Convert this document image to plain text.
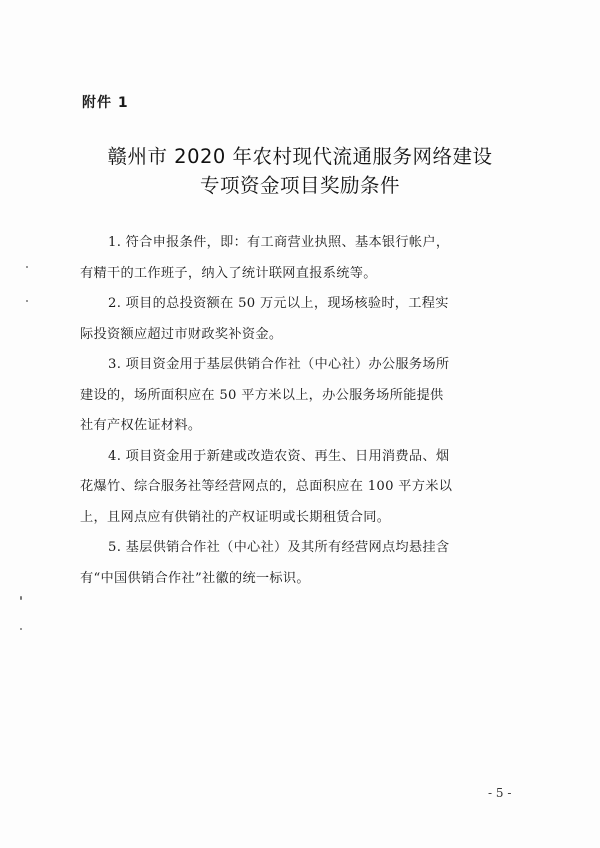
附件 1
赣州市 2020 年农村现代流通服务网络建设
专项资金项目奖励条件

1. 符合申报条件，即：有工商营业执照、基本银行帐户，
有精干的工作班子，纳入了统计联网直报系统等。

2. 项目的总投资额在 50 万元以上，现场核验时，工程实
际投资额应超过市财政奖补资金。

3. 项目资金用于基层供销合作社（中心社）办公服务场所
建设的，场所面积应在 50 平方米以上，办公服务场所能提供
社有产权佐证材料。

4. 项目资金用于新建或改造农资、再生、日用消费品、烟
花爆竹、综合服务社等经营网点的，总面积应在 100 平方米以
上，且网点应有供销社的产权证明或长期租赁合同。

5. 基层供销合作社（中心社）及其所有经营网点均悬挂含
有“中国供销合作社”社徽的统一标识。

- 5 -
